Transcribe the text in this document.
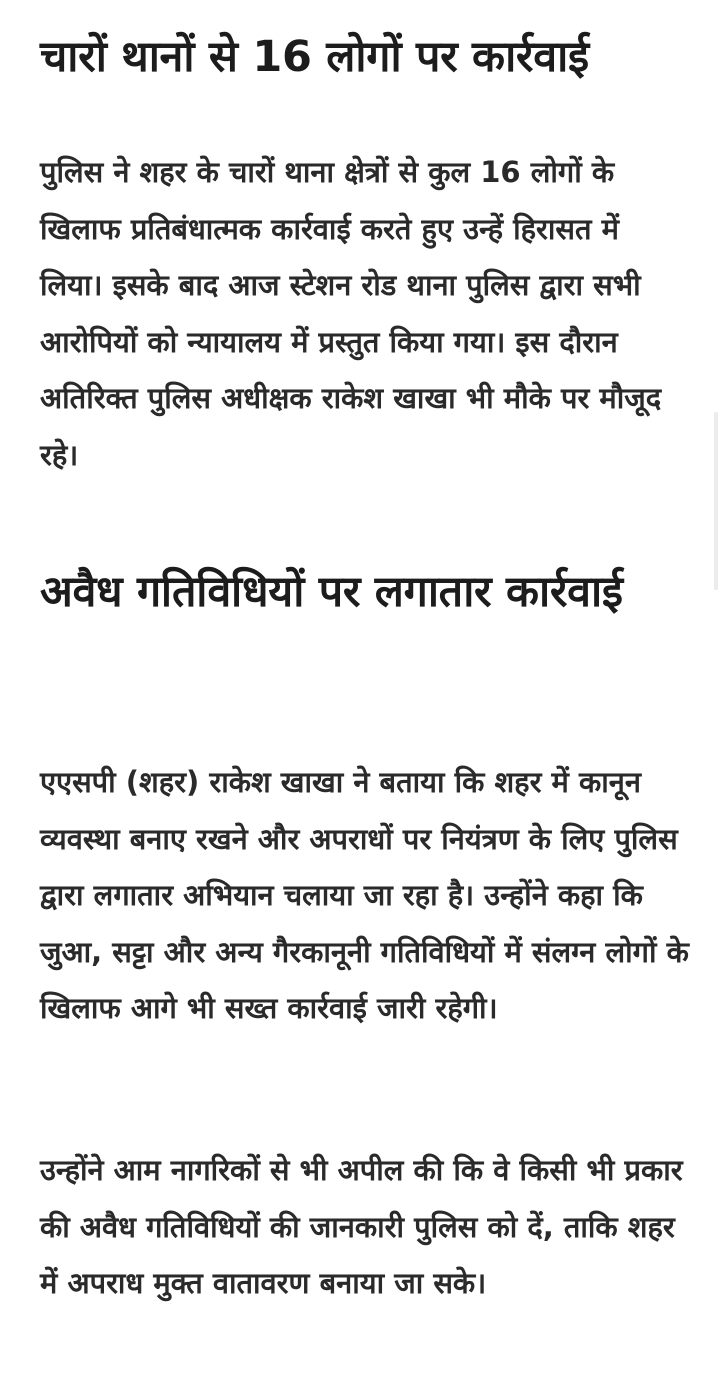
चारों थानों से 16 लोगों पर कार्रवाई

पुलिस ने शहर के चारों थाना क्षेत्रों से कुल 16 लोगों के खिलाफ प्रतिबंधात्मक कार्रवाई करते हुए उन्हें हिरासत में लिया। इसके बाद आज स्टेशन रोड थाना पुलिस द्वारा सभी आरोपियों को न्यायालय में प्रस्तुत किया गया। इस दौरान अतिरिक्त पुलिस अधीक्षक राकेश खाखा भी मौके पर मौजूद रहे।

अवैध गतिविधियों पर लगातार कार्रवाई

एएसपी (शहर) राकेश खाखा ने बताया कि शहर में कानून व्यवस्था बनाए रखने और अपराधों पर नियंत्रण के लिए पुलिस द्वारा लगातार अभियान चलाया जा रहा है। उन्होंने कहा कि जुआ, सट्टा और अन्य गैरकानूनी गतिविधियों में संलग्न लोगों के खिलाफ आगे भी सख्त कार्रवाई जारी रहेगी।

उन्होंने आम नागरिकों से भी अपील की कि वे किसी भी प्रकार की अवैध गतिविधियों की जानकारी पुलिस को दें, ताकि शहर में अपराध मुक्त वातावरण बनाया जा सके।
